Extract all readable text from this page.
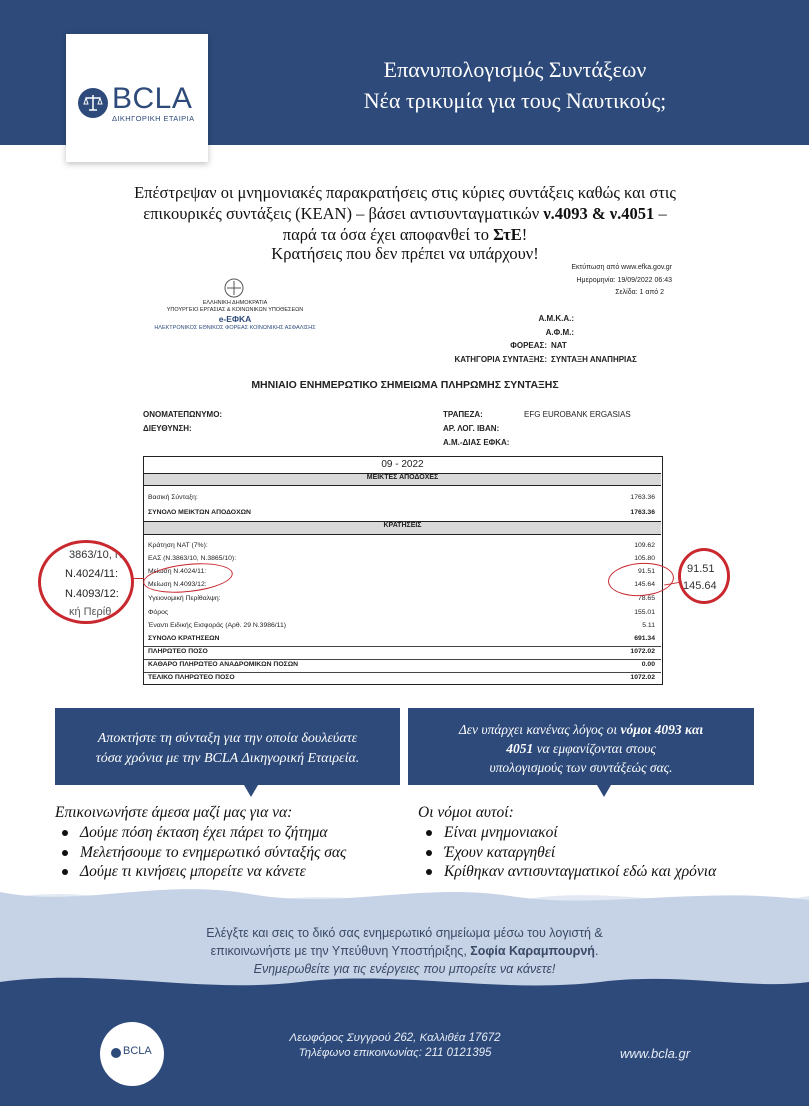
Επανυπολογισμός Συντάξεων
Νέα τρικυμία για τους Ναυτικούς;
BCLA
ΔΙΚΗΓΟΡΙΚΗ ΕΤΑΙΡΙΑ
Επέστρεψαν οι μνημονιακές παρακρατήσεις στις κύριες συντάξεις καθώς και στις
επικουρικές συντάξεις (ΚΕΑΝ) – βάσει αντισυνταγματικών ν.4093 & ν.4051 –
παρά τα όσα έχει αποφανθεί το ΣτΕ!
Κρατήσεις που δεν πρέπει να υπάρχουν!
Εκτύπωση από www.efka.gov.gr
Ημερομηνία: 19/09/2022 06:43
Σελίδα: 1 από 2
ΕΛΛΗΝΙΚΗ ΔΗΜΟΚΡΑΤΙΑ
ΥΠΟΥΡΓΕΙΟ ΕΡΓΑΣΙΑΣ & ΚΟΙΝΩΝΙΚΩΝ ΥΠΟΘΕΣΕΩΝ
e-ΕΦΚΑ
ΗΛΕΚΤΡΟΝΙΚΟΣ ΕΘΝΙΚΟΣ ΦΟΡΕΑΣ ΚΟΙΝΩΝΙΚΗΣ ΑΣΦΑΛΙΣΗΣ
Α.Μ.Κ.Α.:
Α.Φ.Μ.:
ΦΟΡΕΑΣ: ΝΑΤ
ΚΑΤΗΓΟΡΙΑ ΣΥΝΤΑΞΗΣ: ΣΥΝΤΑΞΗ ΑΝΑΠΗΡΙΑΣ
ΜΗΝΙΑΙΟ ΕΝΗΜΕΡΩΤΙΚΟ ΣΗΜΕΙΩΜΑ ΠΛΗΡΩΜΗΣ ΣΥΝΤΑΞΗΣ
ΟΝΟΜΑΤΕΠΩΝΥΜΟ:
ΔΙΕΥΘΥΝΣΗ:
ΤΡΑΠΕΖΑ:	EFG EUROBANK ERGASIAS
ΑΡ. ΛΟΓ. IBAN:
Α.Μ.-ΔΙΑΣ ΕΦΚΑ:
09 - 2022
ΜΕΙΚΤΕΣ ΑΠΟΔΟΧΕΣ
Βασική Σύνταξη:	1763.36
ΣΥΝΟΛΟ ΜΕΙΚΤΩΝ ΑΠΟΔΟΧΩΝ	1763.36
ΚΡΑΤΗΣΕΙΣ
Κράτηση ΝΑΤ (7%):	109.62
ΕΑΣ (Ν.3863/10, Ν.3865/10):	105.80
Μείωση Ν.4024/11:	91.51
Μείωση Ν.4093/12:	145.64
Υγειονομική Περίθαλψη:	78.65
Φόρος	155.01
Έναντι Ειδικής Εισφοράς (Αρθ. 29 Ν.3986/11)	5.11
ΣΥΝΟΛΟ ΚΡΑΤΗΣΕΩΝ	691.34
ΠΛΗΡΩΤΕΟ ΠΟΣΟ	1072.02
ΚΑΘΑΡΟ ΠΛΗΡΩΤΕΟ ΑΝΑΔΡΟΜΙΚΩΝ ΠΟΣΩΝ	0.00
ΤΕΛΙΚΟ ΠΛΗΡΩΤΕΟ ΠΟΣΟ	1072.02
3863/10, Ν
Ν.4024/11:
Ν.4093/12:
κή Περίθ
91.51
145.64
Αποκτήστε τη σύνταξη για την οποία δουλεύατε
τόσα χρόνια με την BCLA Δικηγορική Εταιρεία.
Δεν υπάρχει κανένας λόγος οι νόμοι 4093 και
4051 να εμφανίζονται στους
υπολογισμούς των συντάξεώς σας.
Επικοινωνήστε άμεσα μαζί μας για να:
Δούμε πόση έκταση έχει πάρει το ζήτημα
Μελετήσουμε το ενημερωτικό σύνταξής σας
Δούμε τι κινήσεις μπορείτε να κάνετε
Οι νόμοι αυτοί:
Είναι μνημονιακοί
Έχουν καταργηθεί
Κρίθηκαν αντισυνταγματικοί εδώ και χρόνια
Ελέγξτε και σεις το δικό σας ενημερωτικό σημείωμα μέσω του λογιστή &
επικοινωνήστε με την Υπεύθυνη Υποστήριξης, Σοφία Καραμπουρνή.
Ενημερωθείτε για τις ενέργειες που μπορείτε να κάνετε!
BCLA
Λεωφόρος Συγγρού 262, Καλλιθέα 17672
Τηλέφωνο επικοινωνίας: 211 0121395	www.bcla.gr
